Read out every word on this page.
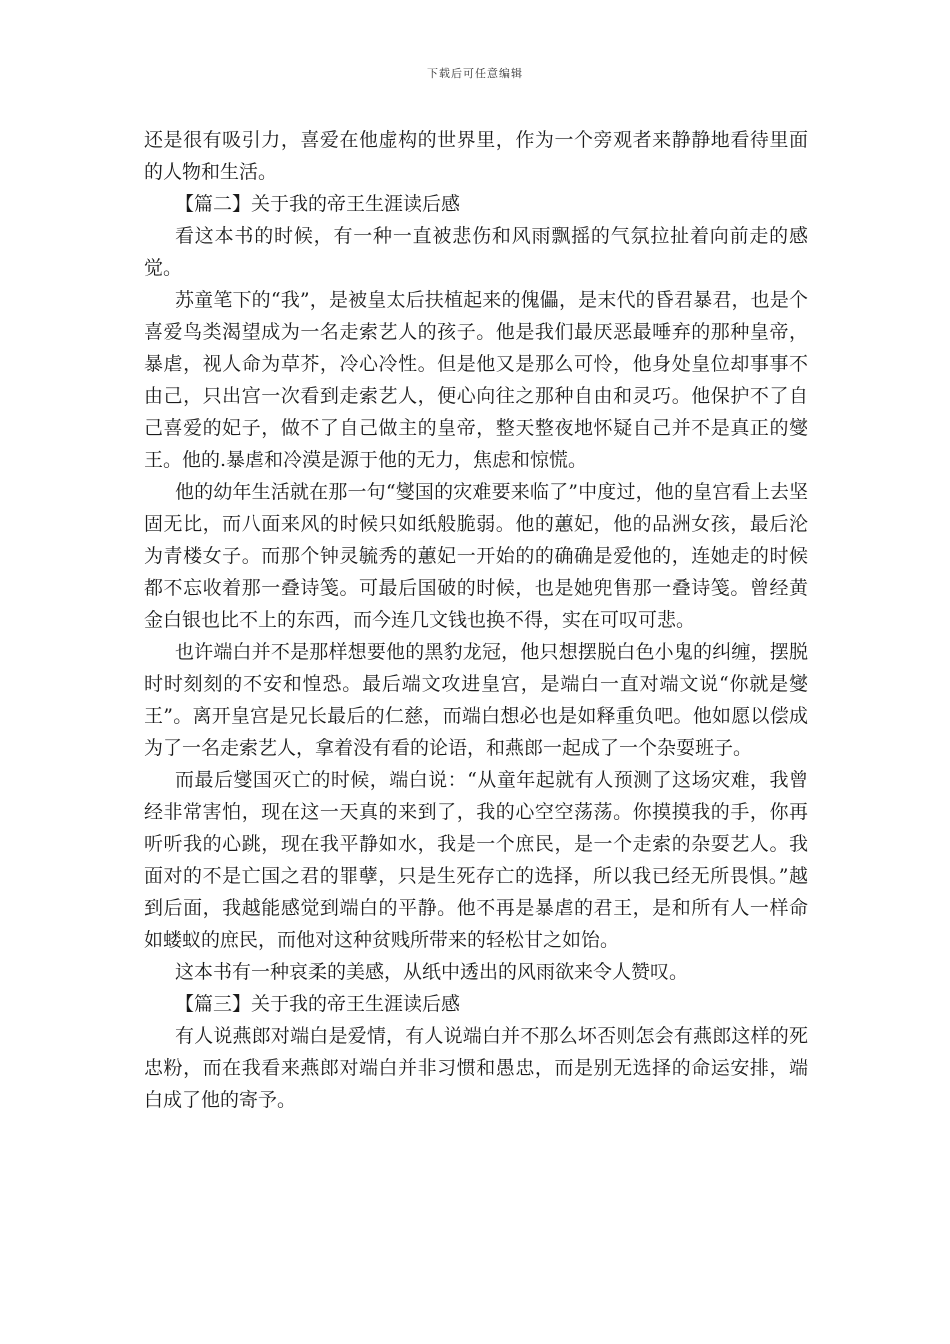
下载后可任意编辑

还是很有吸引力，喜爱在他虚构的世界里，作为一个旁观者来静静地看待里面的人物和生活。

【篇二】关于我的帝王生涯读后感

看这本书的时候，有一种一直被悲伤和风雨飘摇的气氛拉扯着向前走的感觉。

苏童笔下的“我”，是被皇太后扶植起来的傀儡，是末代的昏君暴君，也是个喜爱鸟类渴望成为一名走索艺人的孩子。他是我们最厌恶最唾弃的那种皇帝，暴虐，视人命为草芥，冷心冷性。但是他又是那么可怜，他身处皇位却事事不由己，只出宫一次看到走索艺人，便心向往之那种自由和灵巧。他保护不了自己喜爱的妃子，做不了自己做主的皇帝，整天整夜地怀疑自己并不是真正的燮王。他的.暴虐和冷漠是源于他的无力，焦虑和惊慌。

他的幼年生活就在那一句“燮国的灾难要来临了”中度过，他的皇宫看上去坚固无比，而八面来风的时候只如纸般脆弱。他的蕙妃，他的品洲女孩，最后沦为青楼女子。而那个钟灵毓秀的蕙妃一开始的的确确是爱他的，连她走的时候都不忘收着那一叠诗笺。可最后国破的时候，也是她兜售那一叠诗笺。曾经黄金白银也比不上的东西，而今连几文钱也换不得，实在可叹可悲。

也许端白并不是那样想要他的黑豹龙冠，他只想摆脱白色小鬼的纠缠，摆脱时时刻刻的不安和惶恐。最后端文攻进皇宫，是端白一直对端文说“你就是燮王”。离开皇宫是兄长最后的仁慈，而端白想必也是如释重负吧。他如愿以偿成为了一名走索艺人，拿着没有看的论语，和燕郎一起成了一个杂耍班子。

而最后燮国灭亡的时候，端白说：“从童年起就有人预测了这场灾难，我曾经非常害怕，现在这一天真的来到了，我的心空空荡荡。你摸摸我的手，你再听听我的心跳，现在我平静如水，我是一个庶民，是一个走索的杂耍艺人。我面对的不是亡国之君的罪孽，只是生死存亡的选择，所以我已经无所畏惧。”越到后面，我越能感觉到端白的平静。他不再是暴虐的君王，是和所有人一样命如蝼蚁的庶民，而他对这种贫贱所带来的轻松甘之如饴。

这本书有一种哀柔的美感，从纸中透出的风雨欲来令人赞叹。

【篇三】关于我的帝王生涯读后感

有人说燕郎对端白是爱情，有人说端白并不那么坏否则怎会有燕郎这样的死忠粉，而在我看来燕郎对端白并非习惯和愚忠，而是别无选择的命运安排，端白成了他的寄予。
